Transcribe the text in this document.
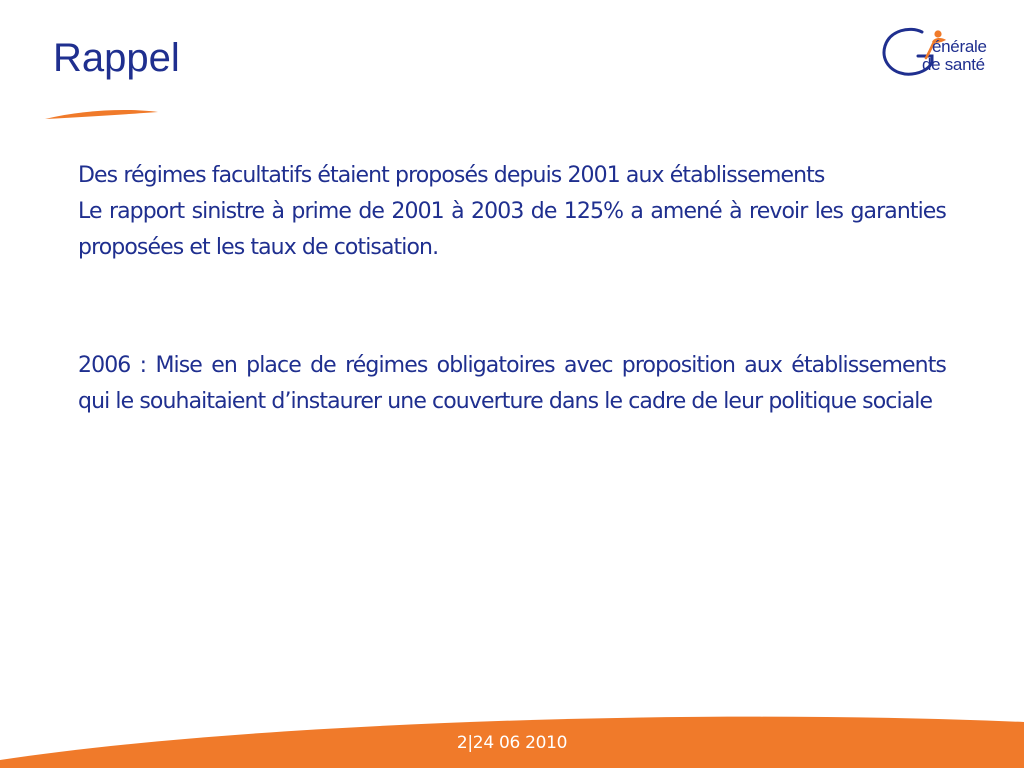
Rappel	énérale
de santé

Des régimes facultatifs étaient proposés depuis 2001 aux établissements

Le rapport sinistre à prime de 2001 à 2003 de 125% a amené à revoir les garanties proposées et les taux de cotisation.

2006 : Mise en place de régimes obligatoires avec proposition aux établissements qui le souhaitaient d’instaurer une couverture dans le cadre de leur politique sociale

2|24 06 2010
